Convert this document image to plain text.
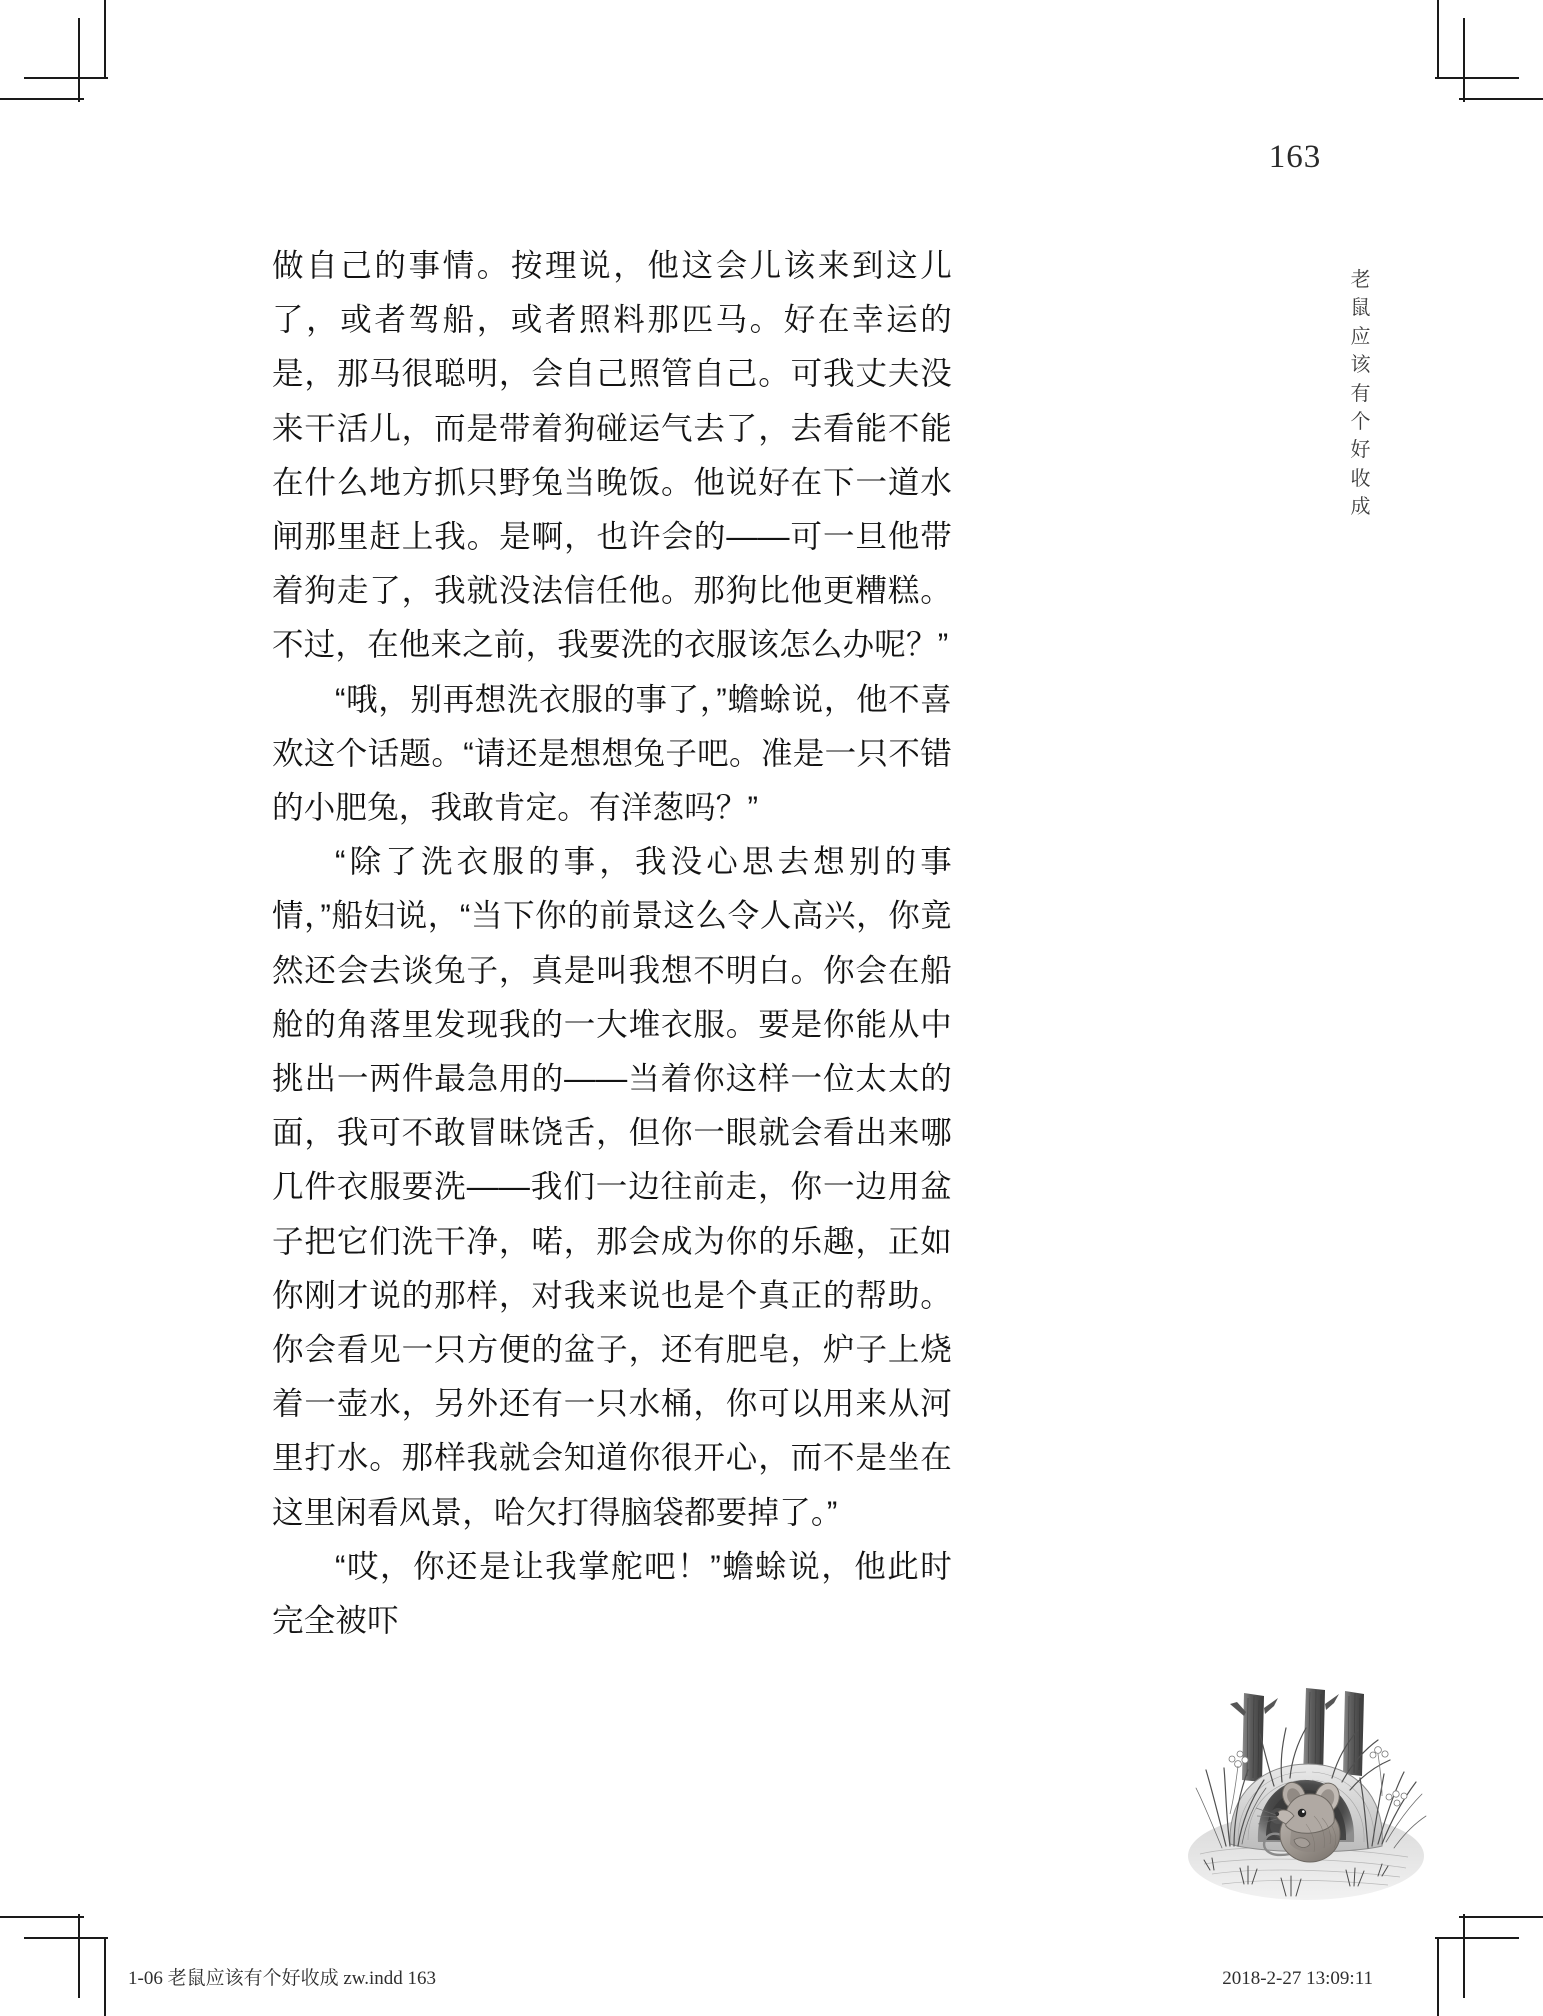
163
老
鼠
应
该
有
个
好
收
成

做自己的事情。按理说，他这会儿该来到这儿了，或者驾船，或者照料那匹马。好在幸运的是，那马很聪明，会自己照管自己。可我丈夫没来干活儿，而是带着狗碰运气去了，去看能不能在什么地方抓只野兔当晚饭。他说好在下一道水闸那里赶上我。是啊，也许会的——可一旦他带着狗走了，我就没法信任他。那狗比他更糟糕。不过，在他来之前，我要洗的衣服该怎么办呢？”

“哦，别再想洗衣服的事了，”蟾蜍说，他不喜欢这个话题。“请还是想想兔子吧。准是一只不错的小肥兔，我敢肯定。有洋葱吗？”

“除了洗衣服的事，我没心思去想别的事情，”船妇说，“当下你的前景这么令人高兴，你竟然还会去谈兔子，真是叫我想不明白。你会在船舱的角落里发现我的一大堆衣服。要是你能从中挑出一两件最急用的——当着你这样一位太太的面，我可不敢冒昧饶舌，但你一眼就会看出来哪几件衣服要洗——我们一边往前走，你一边用盆子把它们洗干净，喏，那会成为你的乐趣，正如你刚才说的那样，对我来说也是个真正的帮助。你会看见一只方便的盆子，还有肥皂，炉子上烧着一壶水，另外还有一只水桶，你可以用来从河里打水。那样我就会知道你很开心，而不是坐在这里闲看风景，哈欠打得脑袋都要掉了。”

“哎，你还是让我掌舵吧！”蟾蜍说，他此时完全被吓

1-06 老鼠应该有个好收成 zw.indd 163	2018-2-27 13:09:11
